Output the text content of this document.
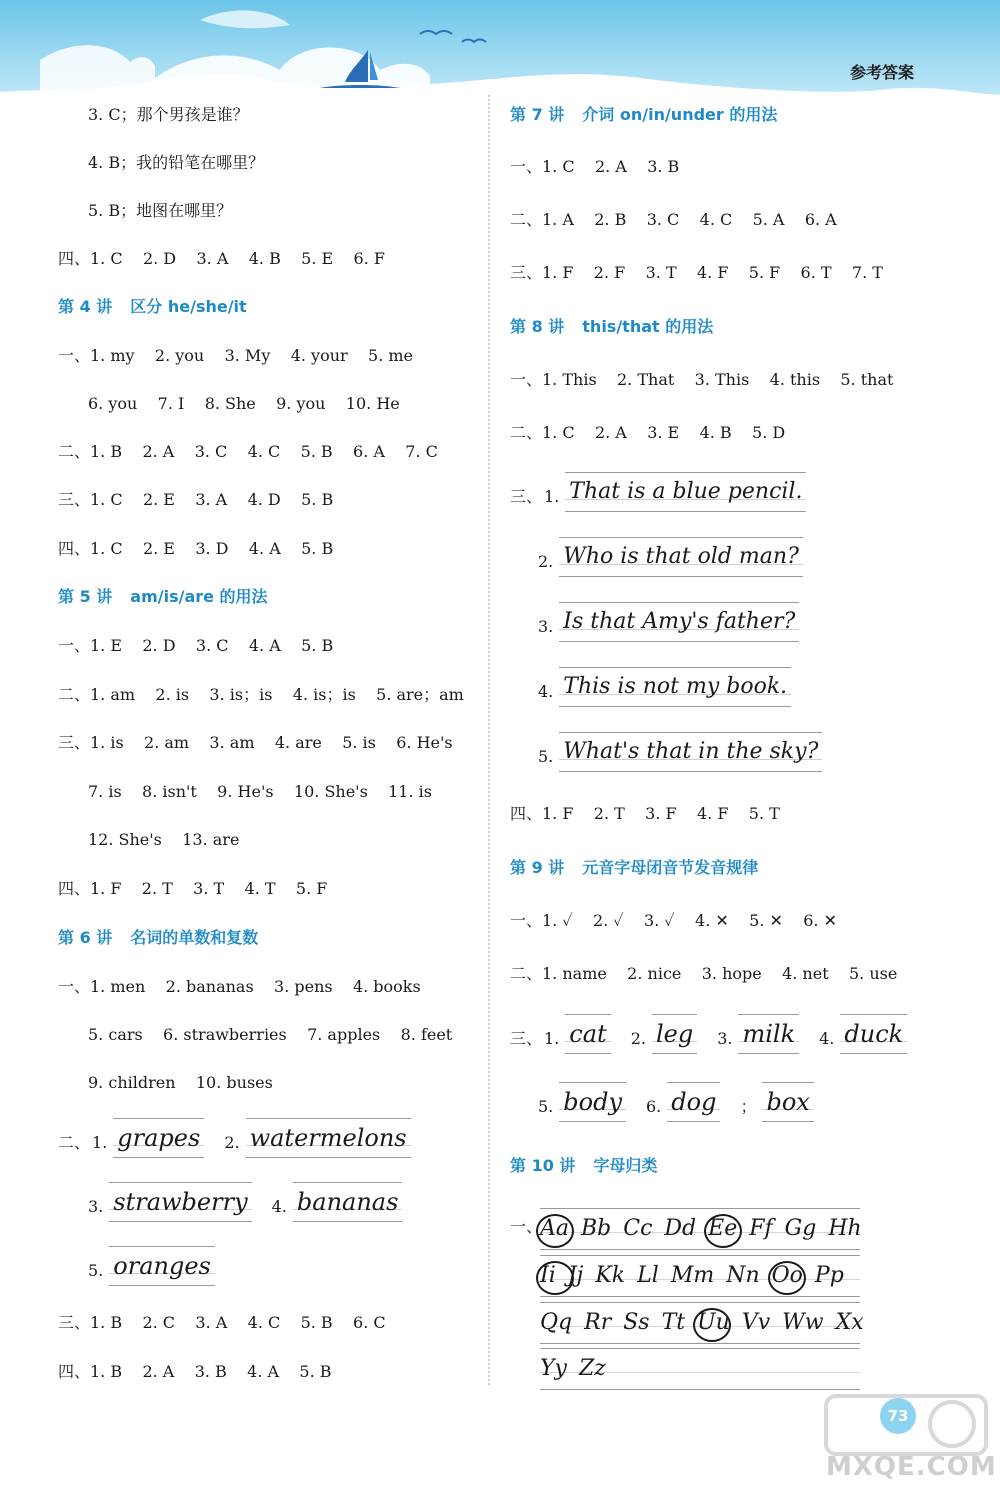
参考答案
3. C；那个男孩是谁？
4. B；我的铅笔在哪里？
5. B；地图在哪里？
四、1. C    2. D    3. A    4. B    5. E    6. F
第 4 讲 区分 he/she/it
一、1. my    2. you    3. My    4. your    5. me
6. you    7. I    8. She    9. you    10. He
二、1. B    2. A    3. C    4. C    5. B    6. A    7. C
三、1. C    2. E    3. A    4. D    5. B
四、1. C    2. E    3. D    4. A    5. B
第 5 讲 am/is/are 的用法
一、1. E    2. D    3. C    4. A    5. B
二、1. am    2. is    3. is；is    4. is；is    5. are；am
三、1. is    2. am    3. am    4. are    5. is    6. He's
7. is    8. isn't    9. He's    10. She's    11. is
12. She's    13. are
四、1. F    2. T    3. T    4. T    5. F
第 6 讲 名词的单数和复数
一、1. men    2. bananas    3. pens    4. books
5. cars    6. strawberries    7. apples    8. feet
9. children    10. buses
二、 1. grapes 2. watermelons
3. strawberry 4. bananas
5. oranges
三、1. B    2. C    3. A    4. C    5. B    6. C
四、1. B    2. A    3. B    4. A    5. B
第 7 讲 介词 on/in/under 的用法
一、1. C    2. A    3. B
二、1. A    2. B    3. C    4. C    5. A    6. A
三、1. F    2. F    3. T    4. F    5. F    6. T    7. T
第 8 讲 this/that 的用法
一、1. This    2. That    3. This    4. this    5. that
二、1. C    2. A    3. E    4. B    5. D
三、 1. That is a blue pencil.
2. Who is that old man?
3. Is that Amy's father?
4. This is not my book.
5. What's that in the sky?
四、1. F    2. T    3. F    4. F    5. T
第 9 讲 元音字母闭音节发音规律
一、1. ✓    2. ✓    3. ✓    4. ✕    5. ✕    6. ✕
二、1. name    2. nice    3. hope    4. net    5. use
三、 1. cat 2. leg 3. milk 4. duck
5. body 6. dog ； box
第 10 讲 字母归类
Aa Bb Cc Dd Ee Ff Gg Hh
Ii Jj Kk Ll Mm Nn Oo Pp
Qq Rr Ss Tt Uu Vv Ww Xx
Yy Zz
一、
73
MXQE.COM
